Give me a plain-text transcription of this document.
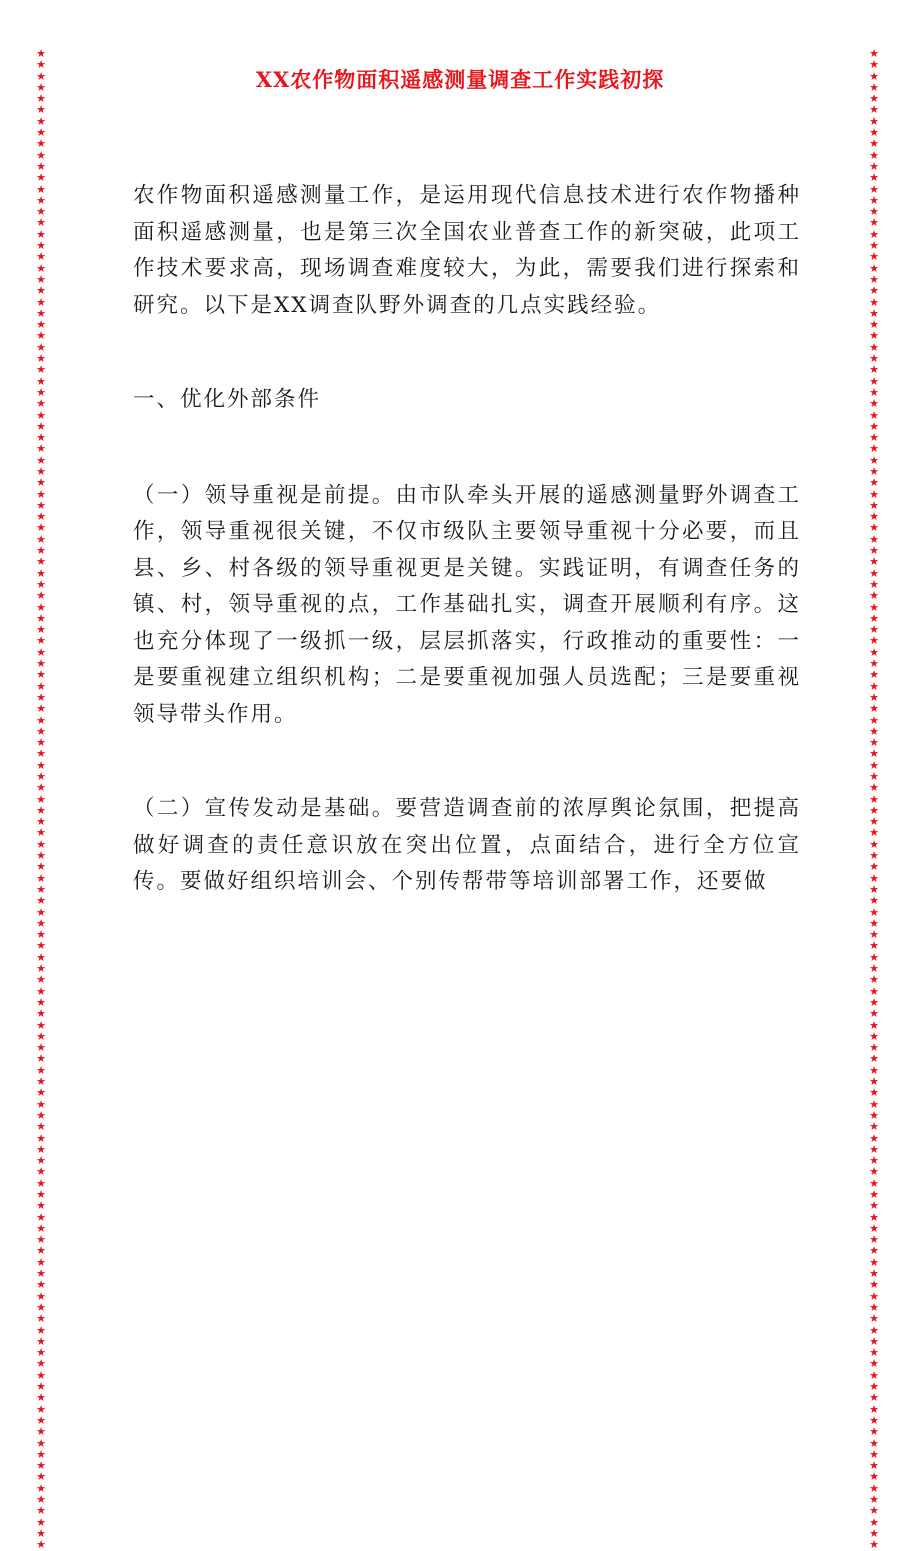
★★★★★★★★★★★★★★★★★★★★★★★★★★★★★★★★★★★★★★★★★★★★★★★★★★★★★★★★★★★★★★★★★★★★★★★★★★★★★★★★★★★★★★★★★★★★★★★★★★★★★★★★★★★★★★★★★★★★★★★★★★★★★★★★★★★★★
★★★★★★★★★★★★★★★★★★★★★★★★★★★★★★★★★★★★★★★★★★★★★★★★★★★★★★★★★★★★★★★★★★★★★★★★★★★★★★★★★★★★★★★★★★★★★★★★★★★★★★★★★★★★★★★★★★★★★★★★★★★★★★★★★★★★★
XX农作物面积遥感测量调查工作实践初探

农作物面积遥感测量工作，是运用现代信息技术进行农作物播种面积遥感测量，也是第三次全国农业普查工作的新突破，此项工作技术要求高，现场调查难度较大，为此，需要我们进行探索和研究。以下是XX调查队野外调查的几点实践经验。

一、优化外部条件

（一）领导重视是前提。由市队牵头开展的遥感测量野外调查工作，领导重视很关键，不仅市级队主要领导重视十分必要，而且县、乡、村各级的领导重视更是关键。实践证明，有调查任务的镇、村，领导重视的点，工作基础扎实，调查开展顺利有序。这也充分体现了一级抓一级，层层抓落实，行政推动的重要性：一是要重视建立组织机构；二是要重视加强人员选配；三是要重视领导带头作用。

（二）宣传发动是基础。要营造调查前的浓厚舆论氛围，把提高做好调查的责任意识放在突出位置，点面结合，进行全方位宣传。要做好组织培训会、个别传帮带等培训部署工作，还要做
